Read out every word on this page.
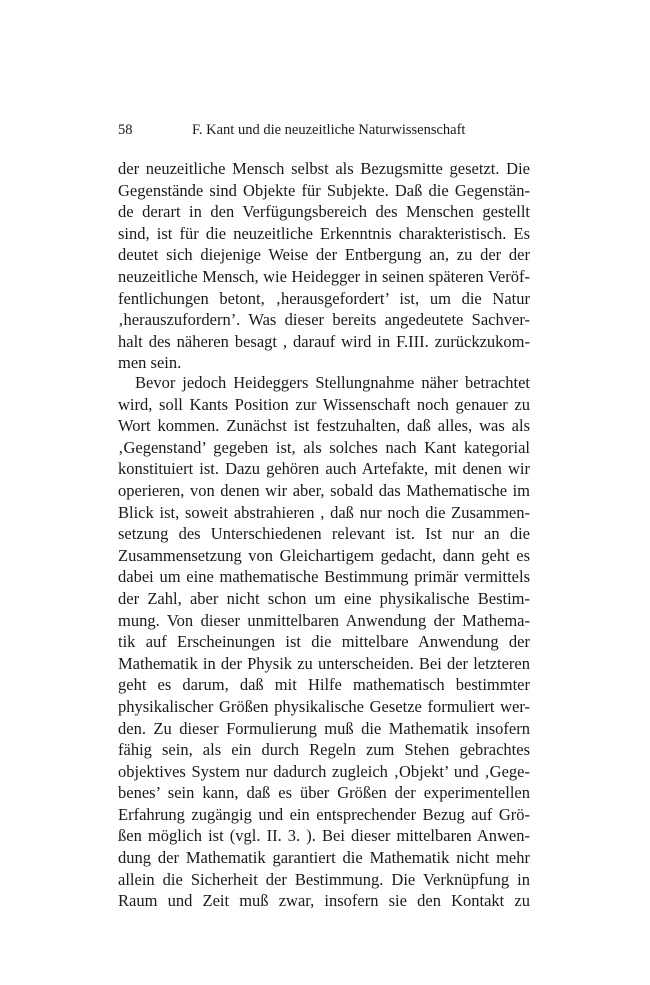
58	F. Kant und die neuzeitliche Naturwissenschaft
der neuzeitliche Mensch selbst als Bezugsmitte gesetzt. Die
Gegenstände sind Objekte für Subjekte. Daß die Gegenstän-
de derart in den Verfügungsbereich des Menschen gestellt
sind, ist für die neuzeitliche Erkenntnis charakteristisch. Es
deutet sich diejenige Weise der Entbergung an, zu der der
neuzeitliche Mensch, wie Heidegger in seinen späteren Veröf-
fentlichungen betont, ‚herausgefordert’ ist, um die Natur
‚herauszufordern’. Was dieser bereits angedeutete Sachver-
halt des näheren besagt , darauf wird in F.III. zurückzukom-
men sein.
Bevor jedoch Heideggers Stellungnahme näher betrachtet
wird, soll Kants Position zur Wissenschaft noch genauer zu
Wort kommen. Zunächst ist festzuhalten, daß alles, was als
‚Gegenstand’ gegeben ist, als solches nach Kant kategorial
konstituiert ist. Dazu gehören auch Artefakte, mit denen wir
operieren, von denen wir aber, sobald das Mathematische im
Blick ist, soweit abstrahieren , daß nur noch die Zusammen-
setzung des Unterschiedenen relevant ist. Ist nur an die
Zusammensetzung von Gleichartigem gedacht, dann geht es
dabei um eine mathematische Bestimmung primär vermittels
der Zahl, aber nicht schon um eine physikalische Bestim-
mung. Von dieser unmittelbaren Anwendung der Mathema-
tik auf Erscheinungen ist die mittelbare Anwendung der
Mathematik in der Physik zu unterscheiden. Bei der letzteren
geht es darum, daß mit Hilfe mathematisch bestimmter
physikalischer Größen physikalische Gesetze formuliert wer-
den. Zu dieser Formulierung muß die Mathematik insofern
fähig sein, als ein durch Regeln zum Stehen gebrachtes
objektives System nur dadurch zugleich ‚Objekt’ und ‚Gege-
benes’ sein kann, daß es über Größen der experimentellen
Erfahrung zugängig und ein entsprechender Bezug auf Grö-
ßen möglich ist (vgl. II. 3. ). Bei dieser mittelbaren Anwen-
dung der Mathematik garantiert die Mathematik nicht mehr
allein die Sicherheit der Bestimmung. Die Verknüpfung in
Raum und Zeit muß zwar, insofern sie den Kontakt zu
